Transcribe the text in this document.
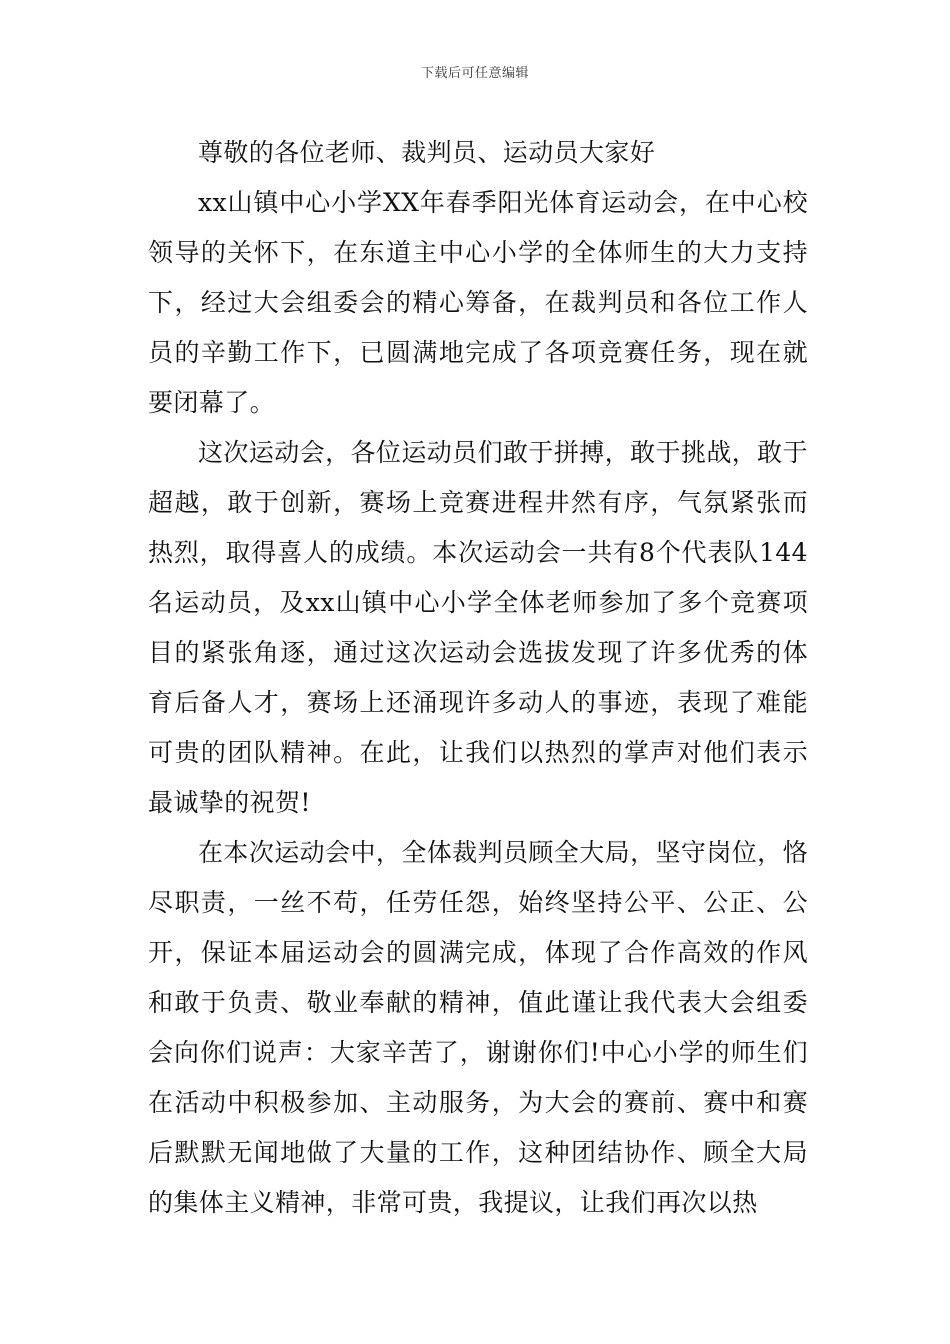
下载后可任意编辑

尊敬的各位老师、裁判员、运动员大家好

xx山镇中心小学XX年春季阳光体育运动会，在中心校领导的关怀下，在东道主中心小学的全体师生的大力支持下，经过大会组委会的精心筹备，在裁判员和各位工作人员的辛勤工作下，已圆满地完成了各项竞赛任务，现在就要闭幕了。

这次运动会，各位运动员们敢于拼搏，敢于挑战，敢于超越，敢于创新，赛场上竞赛进程井然有序，气氛紧张而热烈，取得喜人的成绩。本次运动会一共有8个代表队144名运动员，及xx山镇中心小学全体老师参加了多个竞赛项目的紧张角逐，通过这次运动会选拔发现了许多优秀的体育后备人才，赛场上还涌现许多动人的事迹，表现了难能可贵的团队精神。在此，让我们以热烈的掌声对他们表示最诚挚的祝贺!

在本次运动会中，全体裁判员顾全大局，坚守岗位，恪尽职责，一丝不苟，任劳任怨，始终坚持公平、公正、公开，保证本届运动会的圆满完成，体现了合作高效的作风和敢于负责、敬业奉献的精神，值此谨让我代表大会组委会向你们说声：大家辛苦了，谢谢你们!中心小学的师生们在活动中积极参加、主动服务，为大会的赛前、赛中和赛后默默无闻地做了大量的工作，这种团结协作、顾全大局的集体主义精神，非常可贵，我提议，让我们再次以热
